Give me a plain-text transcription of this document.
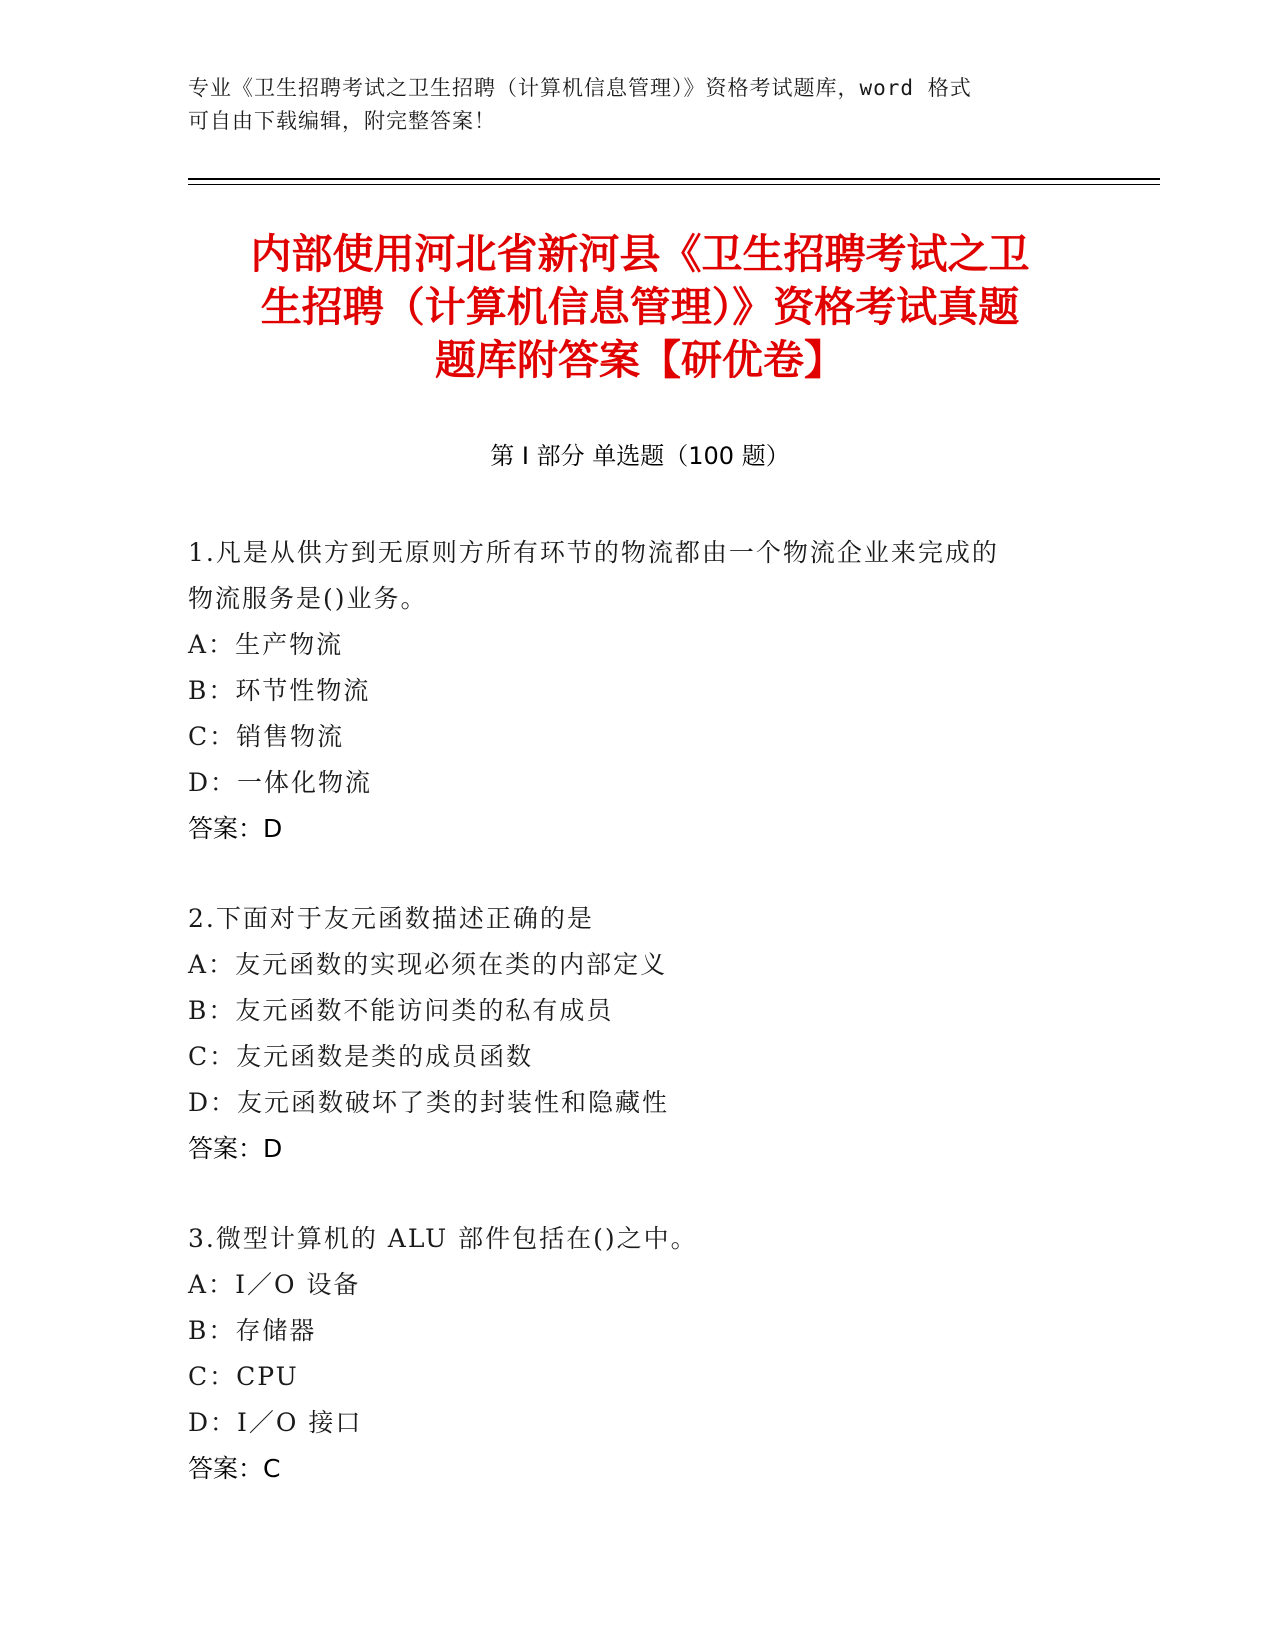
专业《卫生招聘考试之卫生招聘（计算机信息管理）》资格考试题库，word 格式
可自由下载编辑，附完整答案！
内部使用河北省新河县《卫生招聘考试之卫
生招聘（计算机信息管理）》资格考试真题
题库附答案【研优卷】
第 I 部分 单选题（100 题）

1.凡是从供方到无原则方所有环节的物流都由一个物流企业来完成的

物流服务是()业务。

A：生产物流

B：环节性物流

C：销售物流

D：一体化物流

答案：D

2.下面对于友元函数描述正确的是

A：友元函数的实现必须在类的内部定义

B：友元函数不能访问类的私有成员

C：友元函数是类的成员函数

D：友元函数破坏了类的封装性和隐藏性

答案：D

3.微型计算机的 ALU 部件包括在()之中。

A：I／O 设备

B：存储器

C：CPU

D：I／O 接口

答案：C
